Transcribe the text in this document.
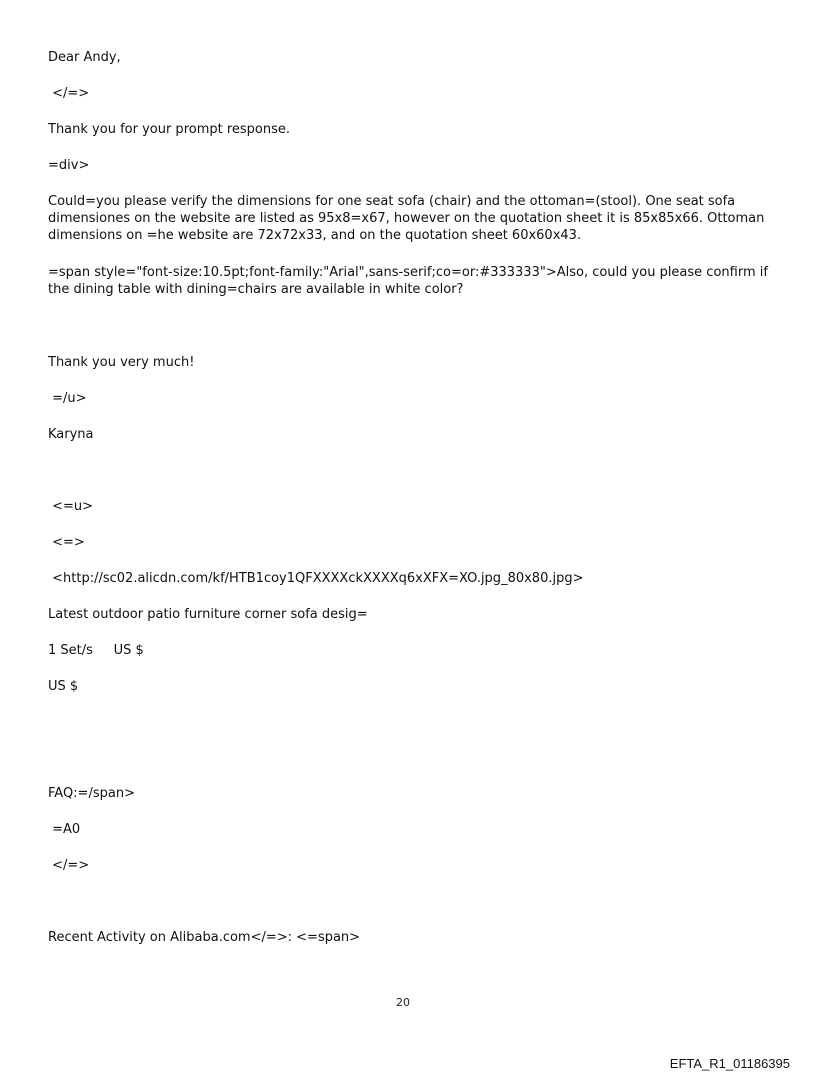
Dear Andy,
</=>
Thank you for your prompt response.
=div>
Could=you please verify the dimensions for one seat sofa (chair) and the ottoman=(stool). One seat sofa dimensiones on the website are listed as 95x8=x67, however on the quotation sheet it is 85x85x66. Ottoman dimensions on =he website are 72x72x33, and on the quotation sheet 60x60x43.
=span style="font-size:10.5pt;font-family:"Arial",sans-serif;co=or:#333333">Also, could you please confirm if the dining table with dining=chairs are available in white color?
Thank you very much!
=/u>
Karyna
<=u>
<=>
<http://sc02.alicdn.com/kf/HTB1coy1QFXXXXckXXXXq6xXFX=XO.jpg_80x80.jpg>
Latest outdoor patio furniture corner sofa desig=
1 Set/s     US $
US $
FAQ:=/span>
=A0
</=>
Recent Activity on Alibaba.com</=>: <=span>
20
EFTA_R1_01186395
